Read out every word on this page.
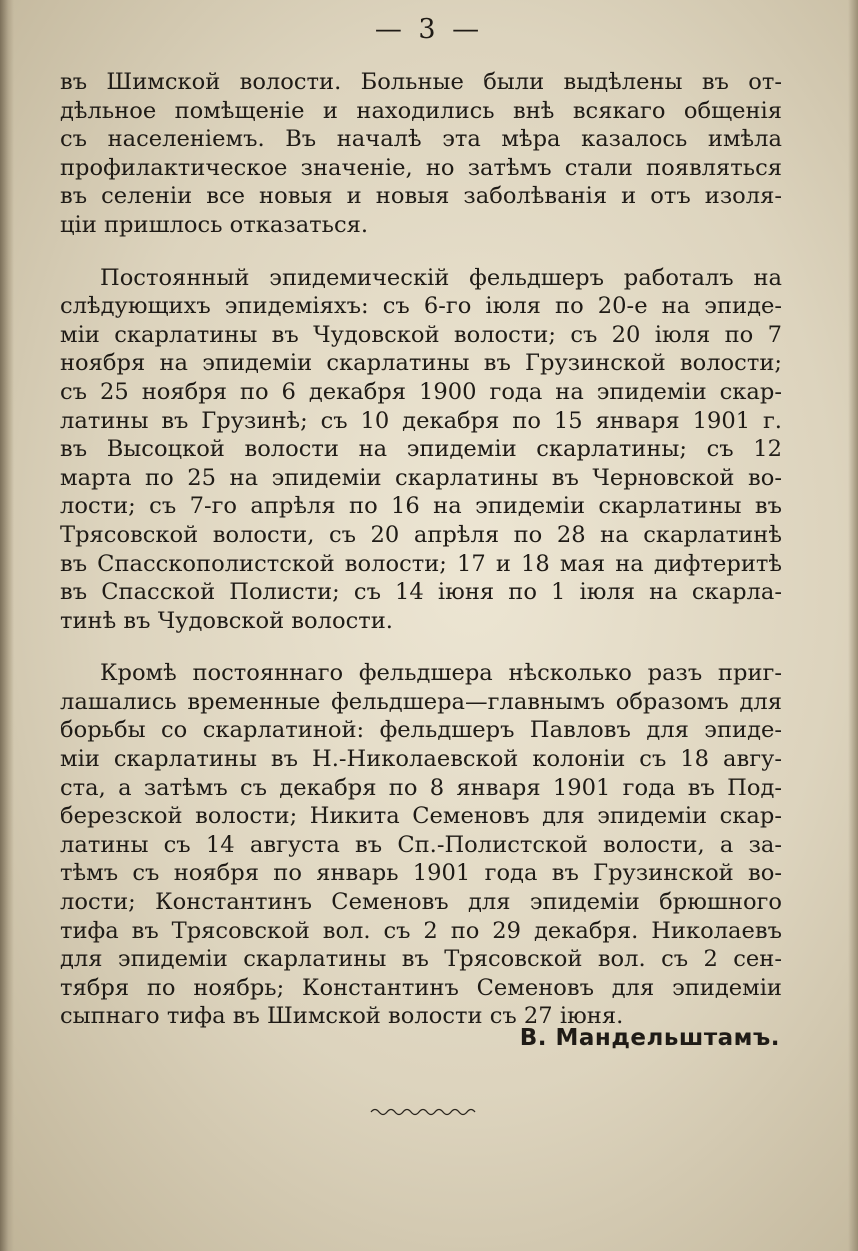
— 3 —

въ Шимской волости. Больные были выдѣлены въ от-
дѣльное помѣщеніе и находились внѣ всякаго общенія
съ населеніемъ. Въ началѣ эта мѣра казалось имѣла
профилактическое значеніе, но затѣмъ стали появляться
въ селеніи все новыя и новыя заболѣванія и отъ изоля-
ціи пришлось отказаться.

Постоянный эпидемическій фельдшеръ работалъ на
слѣдующихъ эпидеміяхъ: съ 6-го іюля по 20-е на эпиде-
міи скарлатины въ Чудовской волости; съ 20 іюля по 7
ноября на эпидеміи скарлатины въ Грузинской волости;
съ 25 ноября по 6 декабря 1900 года на эпидеміи скар-
латины въ Грузинѣ; съ 10 декабря по 15 января 1901 г.
въ Высоцкой волости на эпидеміи скарлатины; съ 12
марта по 25 на эпидеміи скарлатины въ Черновской во-
лости; съ 7-го апрѣля по 16 на эпидеміи скарлатины въ
Трясовской волости, съ 20 апрѣля по 28 на скарлатинѣ
въ Спасскополистской волости; 17 и 18 мая на дифтеритѣ
въ Спасской Полисти; съ 14 іюня по 1 іюля на скарла-
тинѣ въ Чудовской волости.

Кромѣ постояннаго фельдшера нѣсколько разъ приг-
лашались временные фельдшера—главнымъ образомъ для
борьбы со скарлатиной: фельдшеръ Павловъ для эпиде-
міи скарлатины въ Н.-Николаевской колоніи съ 18 авгу-
ста, а затѣмъ съ декабря по 8 января 1901 года въ Под-
березской волости; Никита Семеновъ для эпидеміи скар-
латины съ 14 августа въ Сп.-Полистской волости, а за-
тѣмъ съ ноября по январь 1901 года въ Грузинской во-
лости; Константинъ Семеновъ для эпидеміи брюшного
тифа въ Трясовской вол. съ 2 по 29 декабря. Николаевъ
для эпидеміи скарлатины въ Трясовской вол. съ 2 сен-
тября по ноябрь; Константинъ Семеновъ для эпидеміи
сыпнаго тифа въ Шимской волости съ 27 іюня.

В. Мандельштамъ.
